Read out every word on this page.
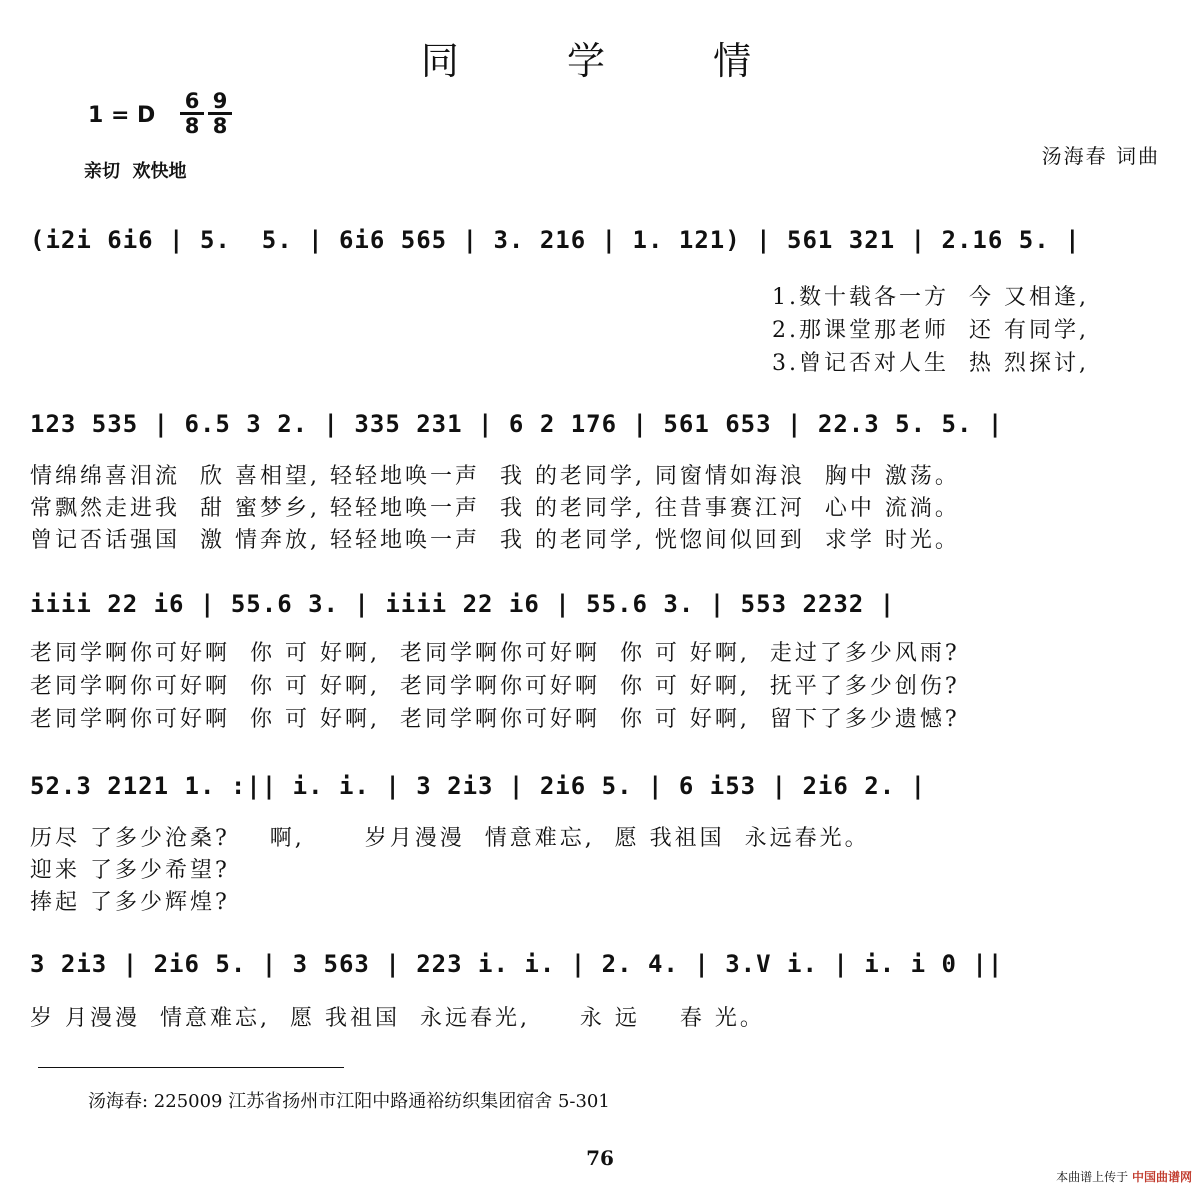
同  学  情
1 = D $\frac{6}{8} \frac{9}{8}$
亲切  欢快地
汤海春 词曲
(i2i 6i6 | 5.  5. | 6i6 565 | 3. 216 | 1. 121) | 561 321 | 2.16 5. |
1.数十载各一方  今 又相逢,
2.那课堂那老师  还 有同学,
3.曾记否对人生  热 烈探讨,
123 535 | 6.5 3 2. | 335 231 | 6 2 176 | 561 653 | 22.3 5. 5. |
情绵绵喜泪流  欣 喜相望, 轻轻地唤一声  我 的老同学, 同窗情如海浪  胸中 激荡。
常飘然走进我  甜 蜜梦乡, 轻轻地唤一声  我 的老同学, 往昔事赛江河  心中 流淌。
曾记否话强国  激 情奔放, 轻轻地唤一声  我 的老同学, 恍惚间似回到  求学 时光。
iiii 22 i6 | 55.6 3. | iiii 22 i6 | 55.6 3. | 553 2232 |
老同学啊你可好啊  你 可 好啊,  老同学啊你可好啊  你 可 好啊,  走过了多少风雨?
老同学啊你可好啊  你 可 好啊,  老同学啊你可好啊  你 可 好啊,  抚平了多少创伤?
老同学啊你可好啊  你 可 好啊,  老同学啊你可好啊  你 可 好啊,  留下了多少遗憾?
52.3 2121 1. :|| i. i. | 3 2i3 | 2i6 5. | 6 i53 | 2i6 2. |
历尽 了多少沧桑?    啊,      岁月漫漫  情意难忘,  愿 我祖国  永远春光。
迎来 了多少希望?
捧起 了多少辉煌?
3 2i3 | 2i6 5. | 3 563 | 223 i. i. | 2. 4. | 3.V i. | i. i 0 ||
岁 月漫漫  情意难忘,  愿 我祖国  永远春光,     永 远    春 光。
汤海春: 225009 江苏省扬州市江阳中路通裕纺织集团宿舍 5-301
76
本曲谱上传于 中国曲谱网
